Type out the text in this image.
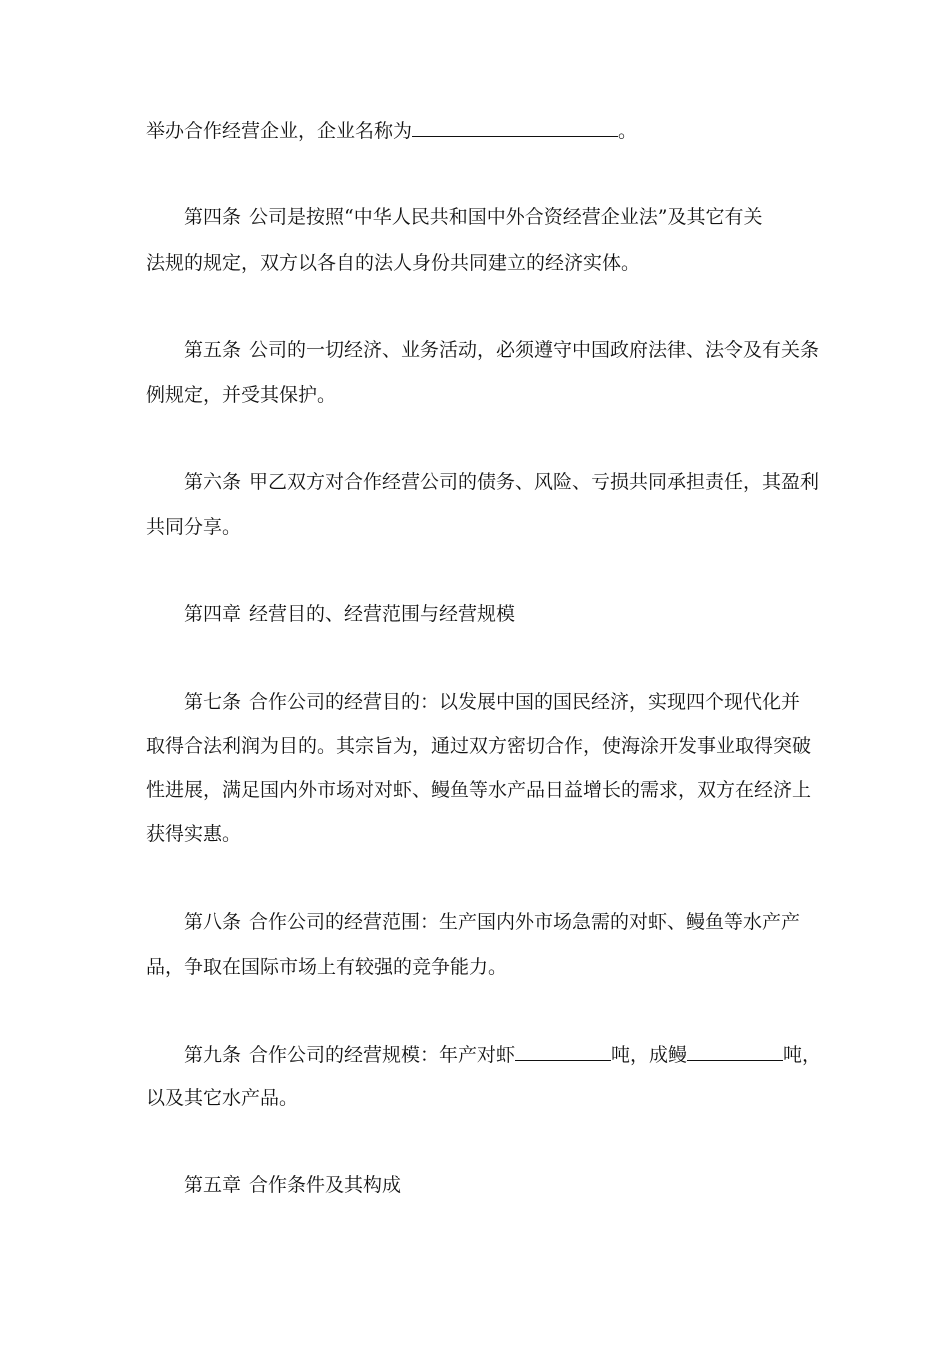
举办合作经营企业，企业名称为	。
第四条 公司是按照“中华人民共和国中外合资经营企业法”及其它有关
法规的规定，双方以各自的法人身份共同建立的经济实体。
第五条 公司的一切经济、业务活动，必须遵守中国政府法律、法令及有关条
例规定，并受其保护。
第六条 甲乙双方对合作经营公司的债务、风险、亏损共同承担责任，其盈利
共同分享。
第四章 经营目的、经营范围与经营规模
第七条 合作公司的经营目的：以发展中国的国民经济，实现四个现代化并
取得合法利润为目的。其宗旨为，通过双方密切合作，使海涂开发事业取得突破
性进展，满足国内外市场对对虾、鳗鱼等水产品日益增长的需求，双方在经济上
获得实惠。
第八条 合作公司的经营范围：生产国内外市场急需的对虾、鳗鱼等水产产
品，争取在国际市场上有较强的竞争能力。
第九条 合作公司的经营规模：年产对虾	吨，成鳗	吨，
以及其它水产品。
第五章 合作条件及其构成
